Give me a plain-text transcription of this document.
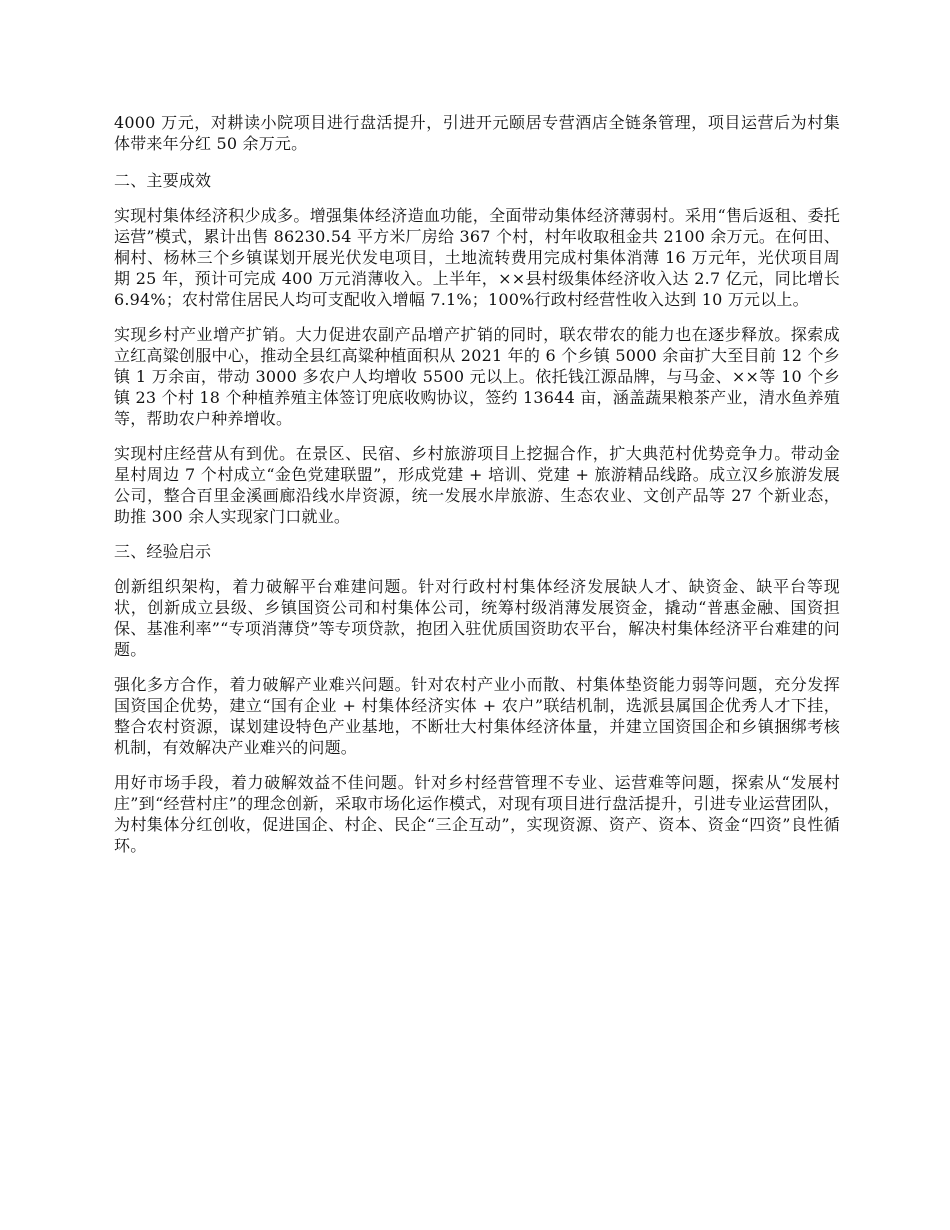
4000 万元，对耕读小院项目进行盘活提升，引进开元颐居专营酒店全链条管理，项目运营后为村集体带来年分红 50 余万元。

二、主要成效

实现村集体经济积少成多。增强集体经济造血功能，全面带动集体经济薄弱村。采用“售后返租、委托运营”模式，累计出售 86230.54 平方米厂房给 367 个村，村年收取租金共 2100 余万元。在何田、桐村、杨林三个乡镇谋划开展光伏发电项目，土地流转费用完成村集体消薄 16 万元年，光伏项目周期 25 年，预计可完成 400 万元消薄收入。上半年，××县村级集体经济收入达 2.7 亿元，同比增长 6.94%；农村常住居民人均可支配收入增幅 7.1%；100%行政村经营性收入达到 10 万元以上。

实现乡村产业增产扩销。大力促进农副产品增产扩销的同时，联农带农的能力也在逐步释放。探索成立红高粱创服中心，推动全县红高粱种植面积从 2021 年的 6 个乡镇 5000 余亩扩大至目前 12 个乡镇 1 万余亩，带动 3000 多农户人均增收 5500 元以上。依托钱江源品牌，与马金、××等 10 个乡镇 23 个村 18 个种植养殖主体签订兜底收购协议，签约 13644 亩，涵盖蔬果粮茶产业，清水鱼养殖等，帮助农户种养增收。

实现村庄经营从有到优。在景区、民宿、乡村旅游项目上挖掘合作，扩大典范村优势竞争力。带动金星村周边 7 个村成立“金色党建联盟”，形成党建 + 培训、党建 + 旅游精品线路。成立汉乡旅游发展公司，整合百里金溪画廊沿线水岸资源，统一发展水岸旅游、生态农业、文创产品等 27 个新业态，助推 300 余人实现家门口就业。

三、经验启示

创新组织架构，着力破解平台难建问题。针对行政村村集体经济发展缺人才、缺资金、缺平台等现状，创新成立县级、乡镇国资公司和村集体公司，统筹村级消薄发展资金，撬动“普惠金融、国资担保、基准利率”“专项消薄贷”等专项贷款，抱团入驻优质国资助农平台，解决村集体经济平台难建的问题。

强化多方合作，着力破解产业难兴问题。针对农村产业小而散、村集体垫资能力弱等问题，充分发挥国资国企优势，建立“国有企业 + 村集体经济实体 + 农户”联结机制，选派县属国企优秀人才下挂，整合农村资源，谋划建设特色产业基地，不断壮大村集体经济体量，并建立国资国企和乡镇捆绑考核机制，有效解决产业难兴的问题。

用好市场手段，着力破解效益不佳问题。针对乡村经营管理不专业、运营难等问题，探索从“发展村庄”到“经营村庄”的理念创新，采取市场化运作模式，对现有项目进行盘活提升，引进专业运营团队，为村集体分红创收，促进国企、村企、民企“三企互动”，实现资源、资产、资本、资金“四资”良性循环。
